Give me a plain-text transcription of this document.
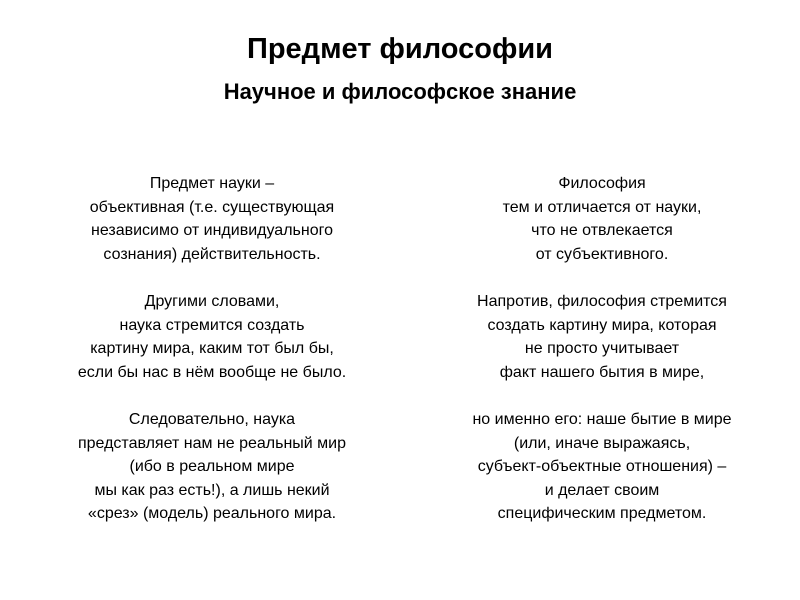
Предмет философии
Научное и философское знание
Предмет науки –
объективная (т.е. существующая
независимо от индивидуального
сознания) действительность.
Другими словами,
наука стремится создать
картину мира, каким тот был бы,
если бы нас в нём вообще не было.
Следовательно, наука
представляет нам не реальный мир
(ибо в реальном мире
мы как раз есть!), а лишь некий
«срез» (модель) реального мира.
Философия
тем и отличается от науки,
что не отвлекается
от субъективного.
Напротив, философия стремится
создать картину мира, которая
не просто учитывает
факт нашего бытия в мире,
но именно его: наше бытие в мире
(или, иначе выражаясь,
субъект-объектные отношения) –
и делает своим
специфическим предметом.
